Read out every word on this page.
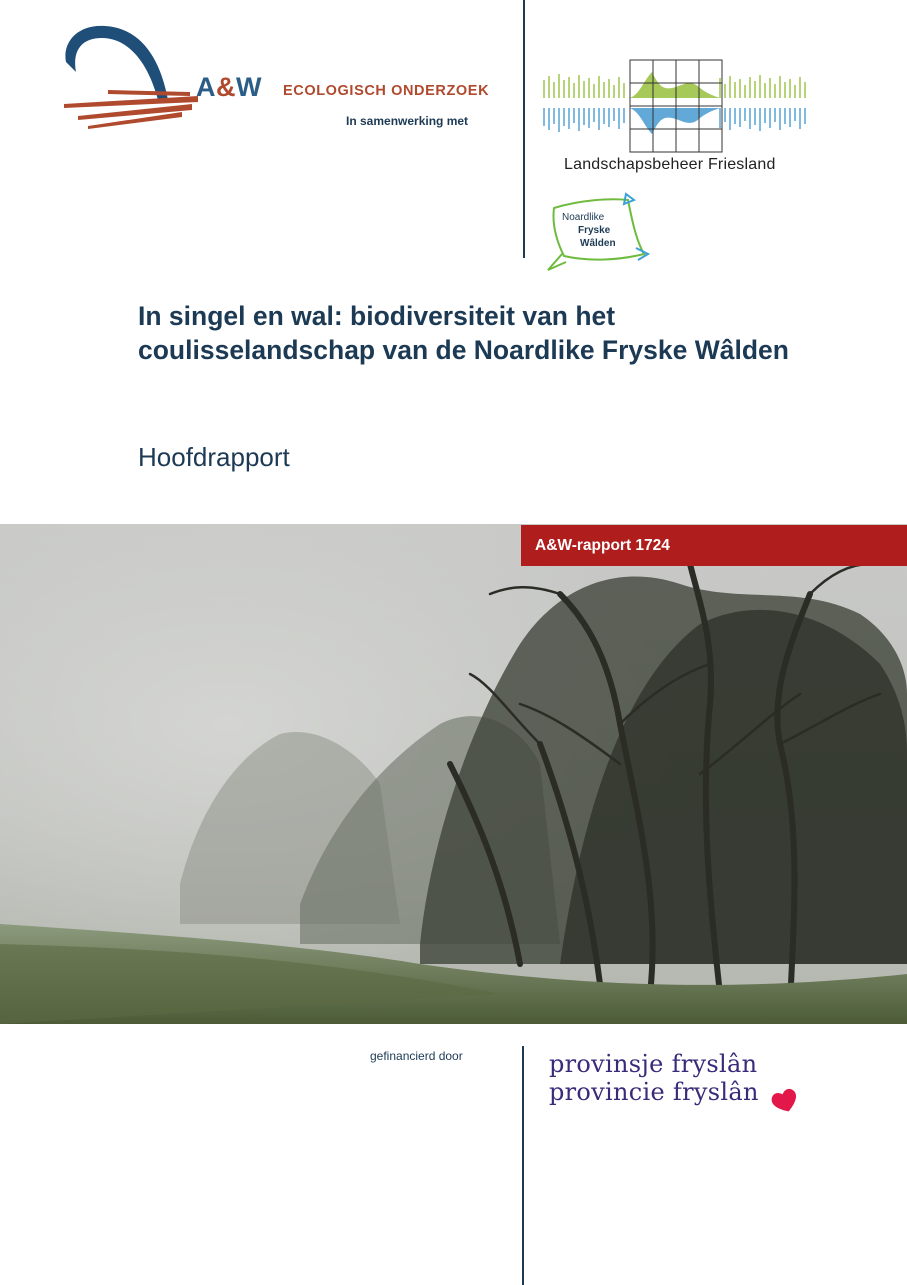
A&W ECOLOGISCH ONDERZOEK
In samenwerking met
Landschapsbeheer Friesland
Noardlike
Fryske
Wâlden
In singel en wal: biodiversiteit van het coulisselandschap van de Noardlike Fryske Wâlden
Hoofdrapport
A&W-rapport 1724
gefinancierd door	provinsje fryslân
provincie fryslân
